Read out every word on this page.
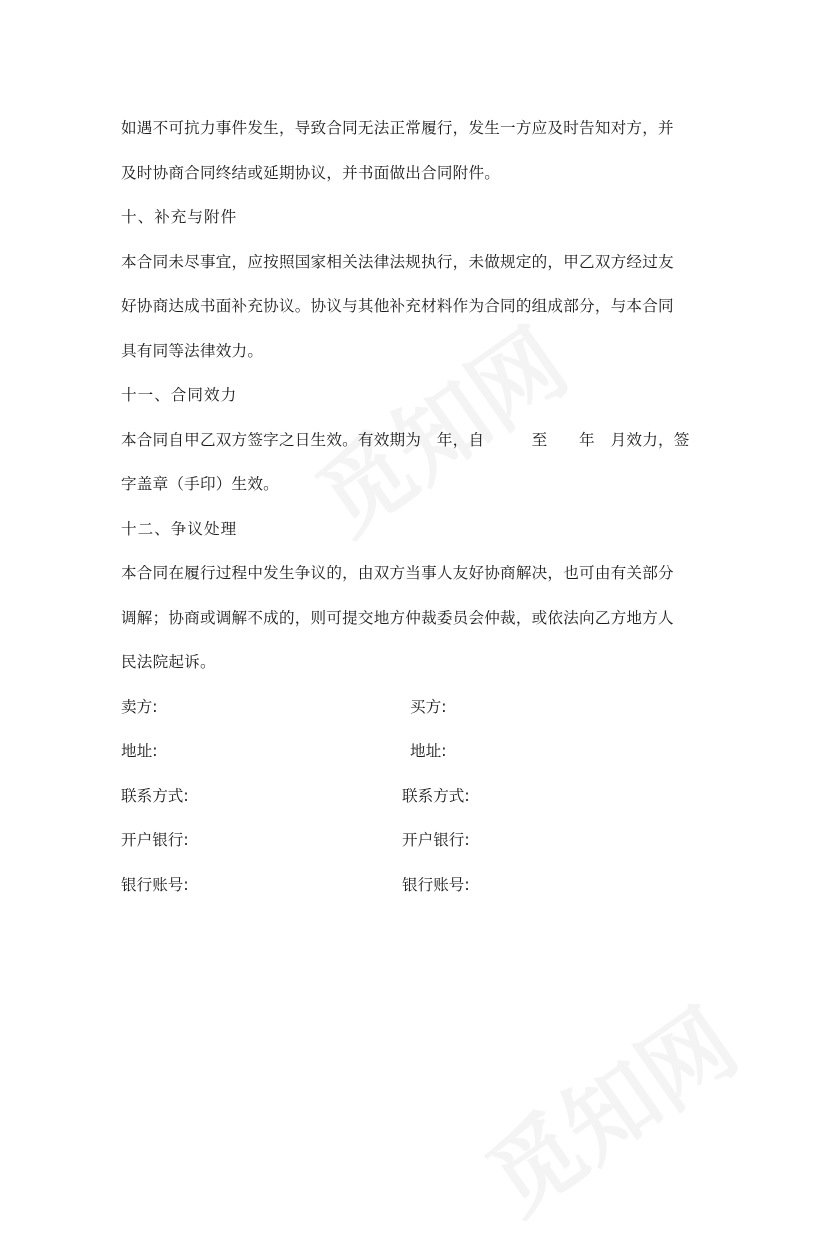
如遇不可抗力事件发生，导致合同无法正常履行，发生一方应及时告知对方，并

及时协商合同终结或延期协议，并书面做出合同附件。

十、补充与附件

本合同未尽事宜，应按照国家相关法律法规执行，未做规定的，甲乙双方经过友

好协商达成书面补充协议。协议与其他补充材料作为合同的组成部分，与本合同

具有同等法律效力。

十一、合同效力

本合同自甲乙双方签字之日生效。有效期为　年，自　　　至　　年　月效力，签

字盖章（手印）生效。

十二、争议处理

本合同在履行过程中发生争议的，由双方当事人友好协商解决，也可由有关部分

调解；协商或调解不成的，则可提交地方仲裁委员会仲裁，或依法向乙方地方人

民法院起诉。

卖方:	买方:
地址:	地址:
联系方式:	联系方式:
开户银行:	开户银行:
银行账号:	银行账号:
